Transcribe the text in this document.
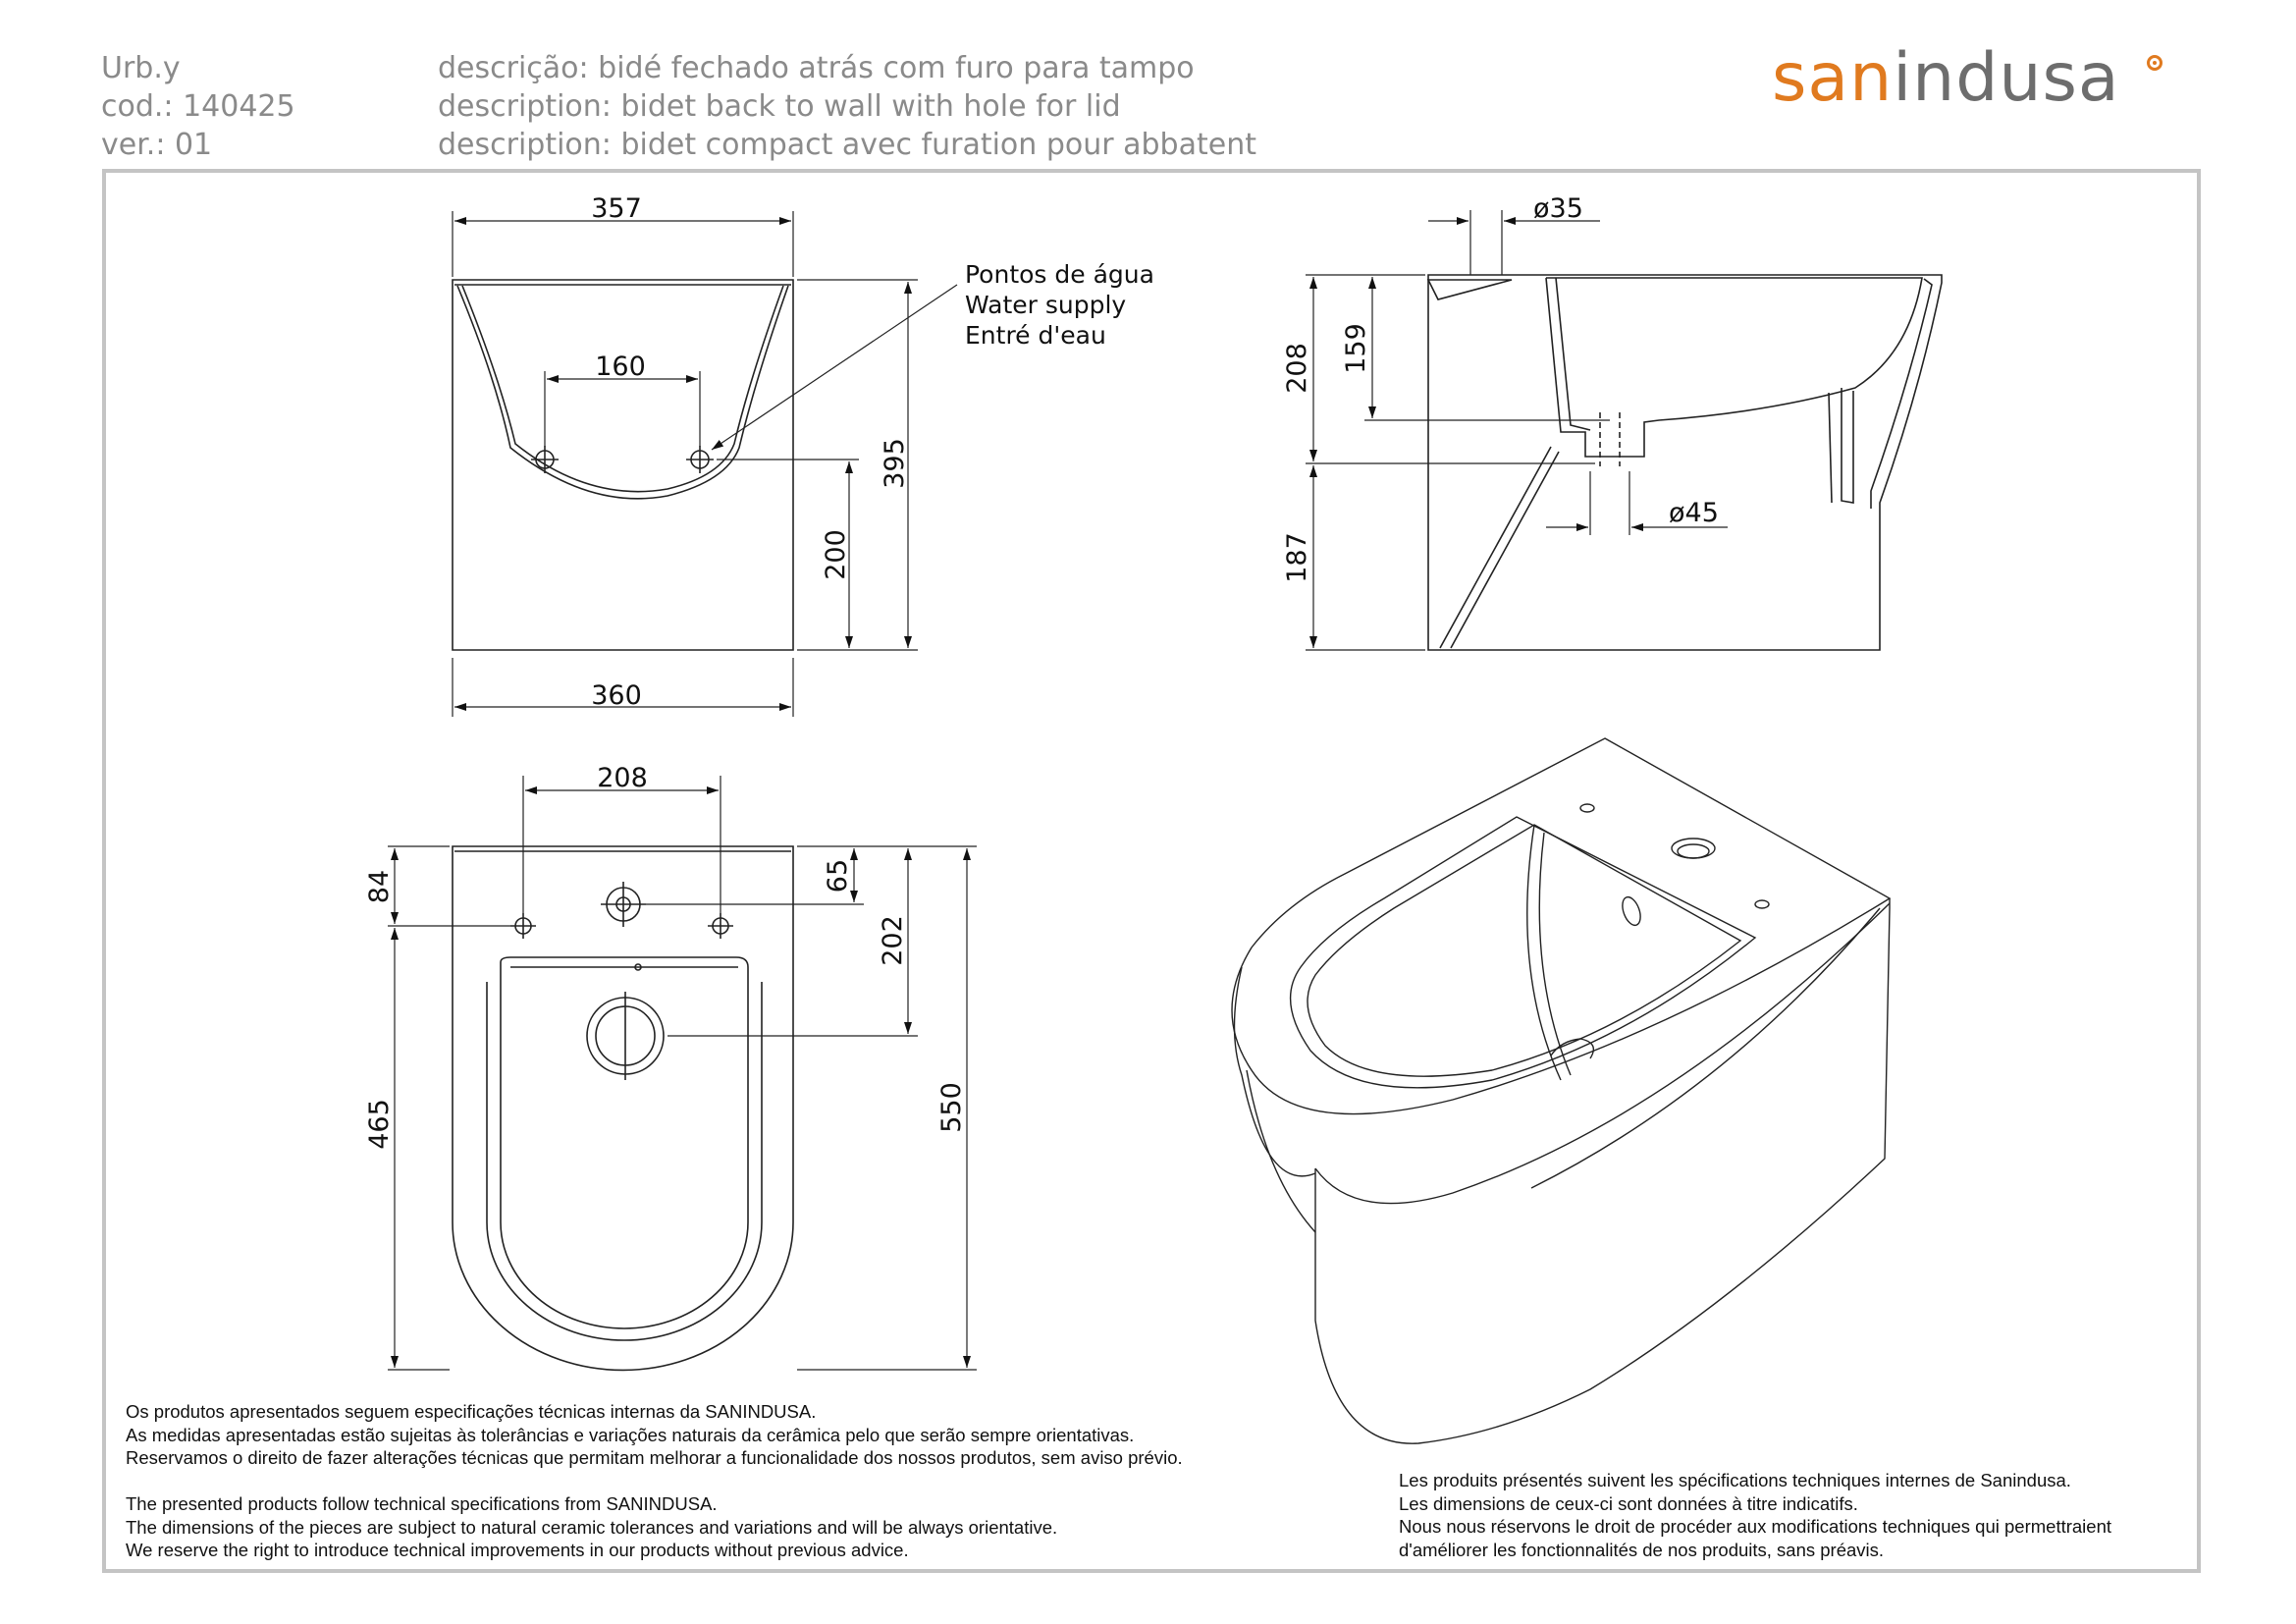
Urb.y
cod.: 140425
ver.: 01
descrição: bidé fechado atrás com furo para tampo
description: bidet back to wall with hole for lid
description: bidet compact avec furation pour abbatent
sanindusa
357
160
360
395
200
Pontos de água
Water supply
Entré d'eau
ø35
ø45
208 159
187
208
84
465
65
202
550
Os produtos apresentados seguem especificações técnicas internas da SANINDUSA.
As medidas apresentadas estão sujeitas às tolerâncias e variações naturais da cerâmica pelo que serão sempre orientativas.
Reservamos o direito de fazer alterações técnicas que permitam melhorar a funcionalidade dos nossos produtos, sem aviso prévio.
The presented products follow technical specifications from SANINDUSA.
The dimensions of the pieces are subject to natural ceramic tolerances and variations and will be always orientative.
We reserve the right to introduce technical improvements in our products without previous advice.
Les produits présentés suivent les spécifications techniques internes de Sanindusa.
Les dimensions de ceux-ci sont données à titre indicatifs.
Nous nous réservons le droit de procéder aux modifications techniques qui permettraient
d'améliorer les fonctionnalités de nos produits, sans préavis.
